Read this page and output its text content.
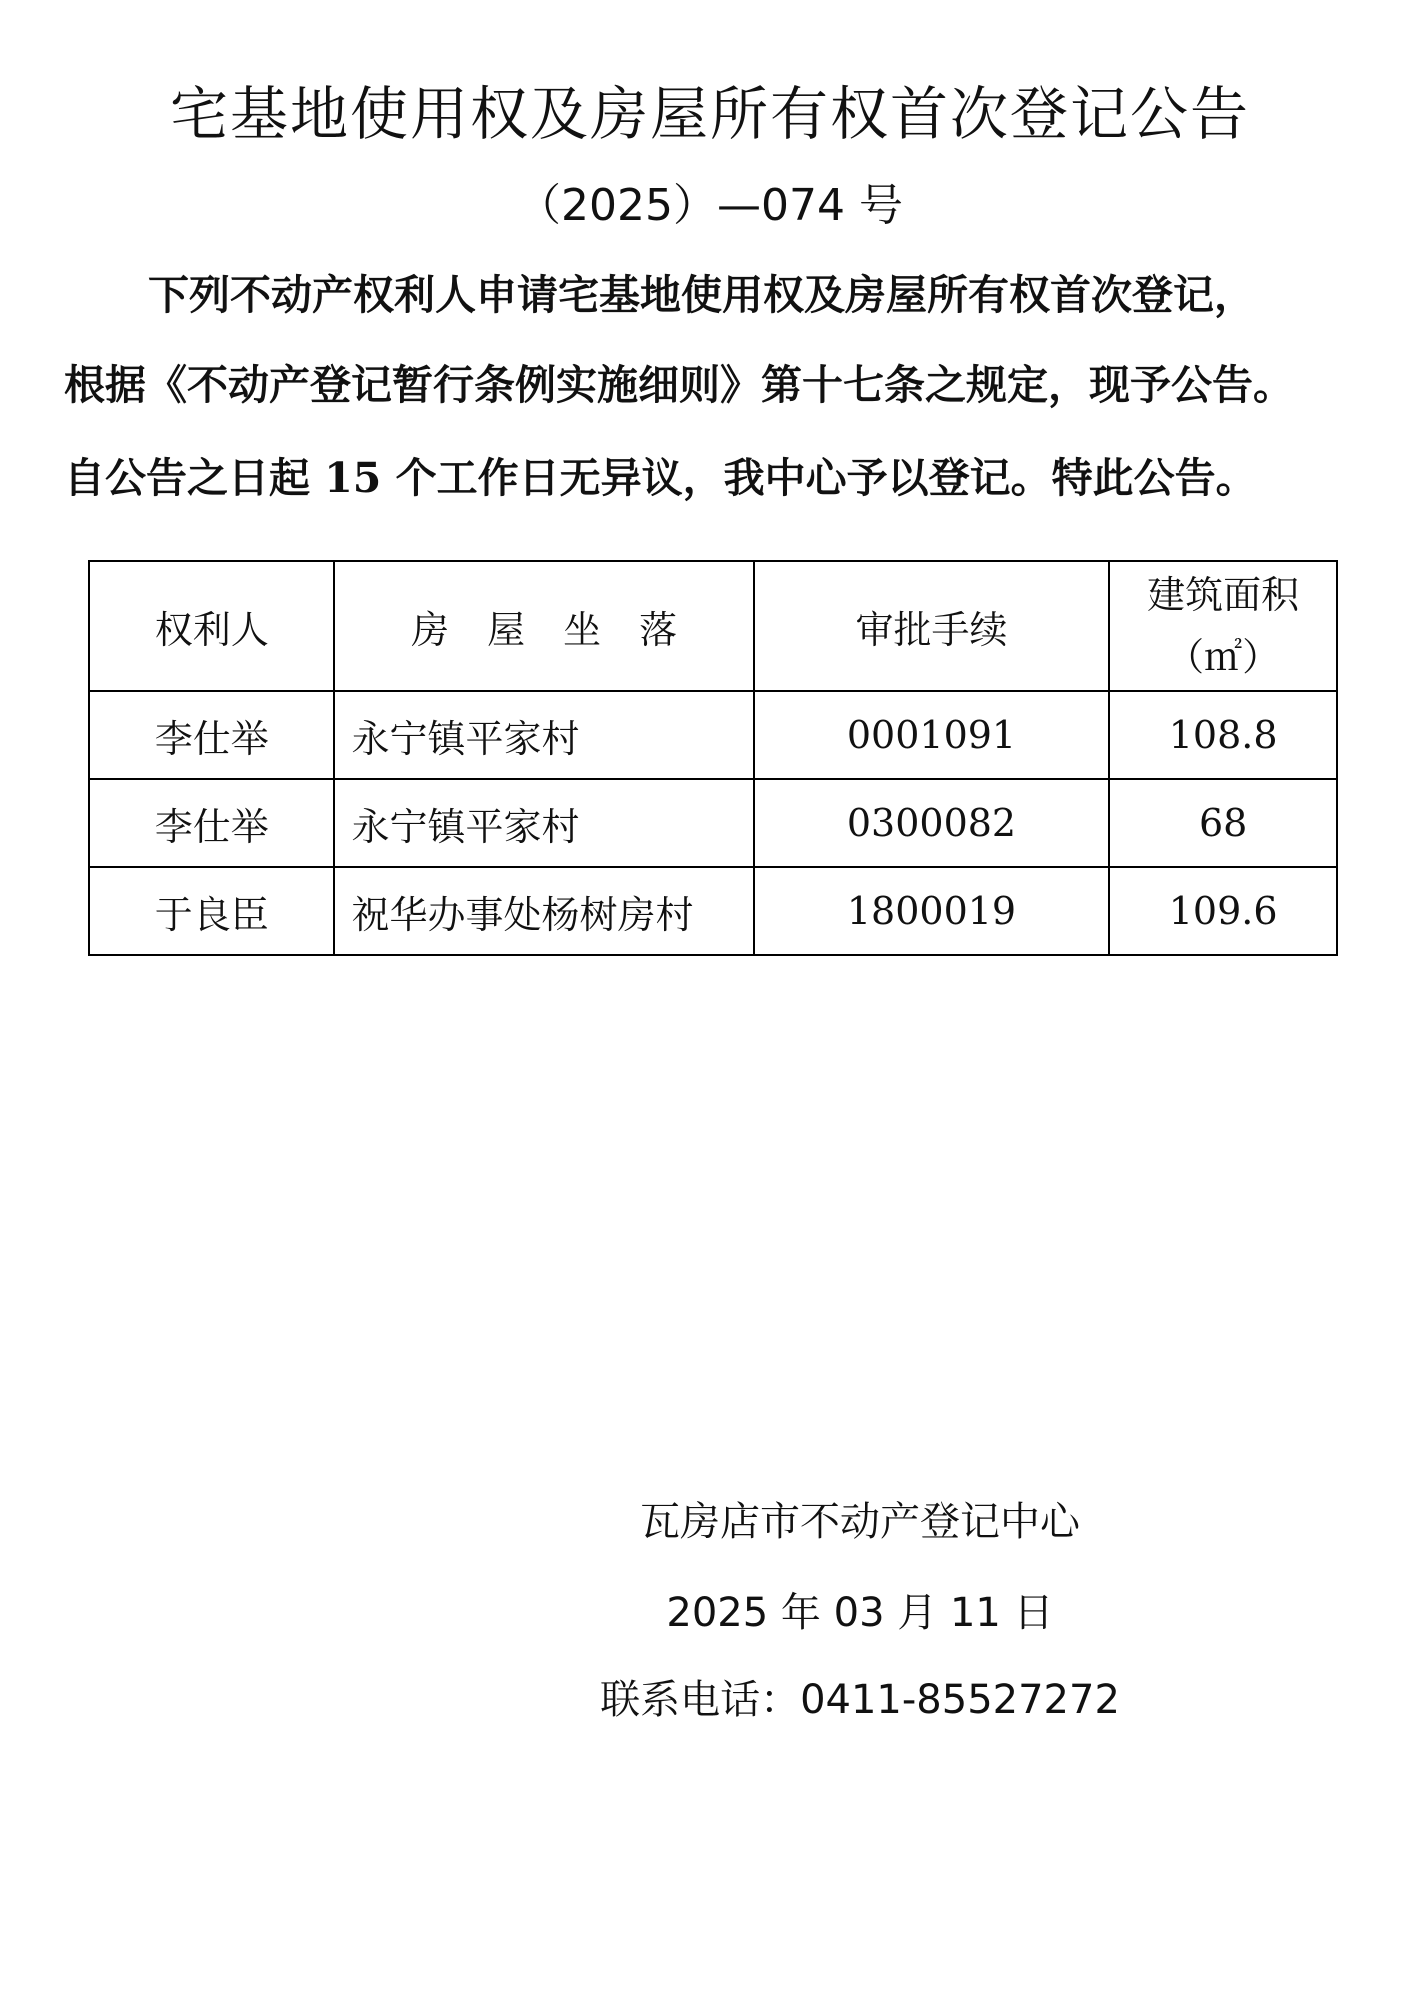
宅基地使用权及房屋所有权首次登记公告
（2025）—074 号
下列不动产权利人申请宅基地使用权及房屋所有权首次登记，
根据《不动产登记暂行条例实施细则》第十七条之规定，现予公告。
自公告之日起 15 个工作日无异议，我中心予以登记。特此公告。
权利人	房屋坐落	审批手续	建筑面积
（㎡）

李仕举	永宁镇平家村	0001091	108.8
李仕举	永宁镇平家村	0300082	68
于良臣	祝华办事处杨树房村	1800019	109.6
瓦房店市不动产登记中心
2025 年 03 月 11 日
联系电话：0411-85527272
